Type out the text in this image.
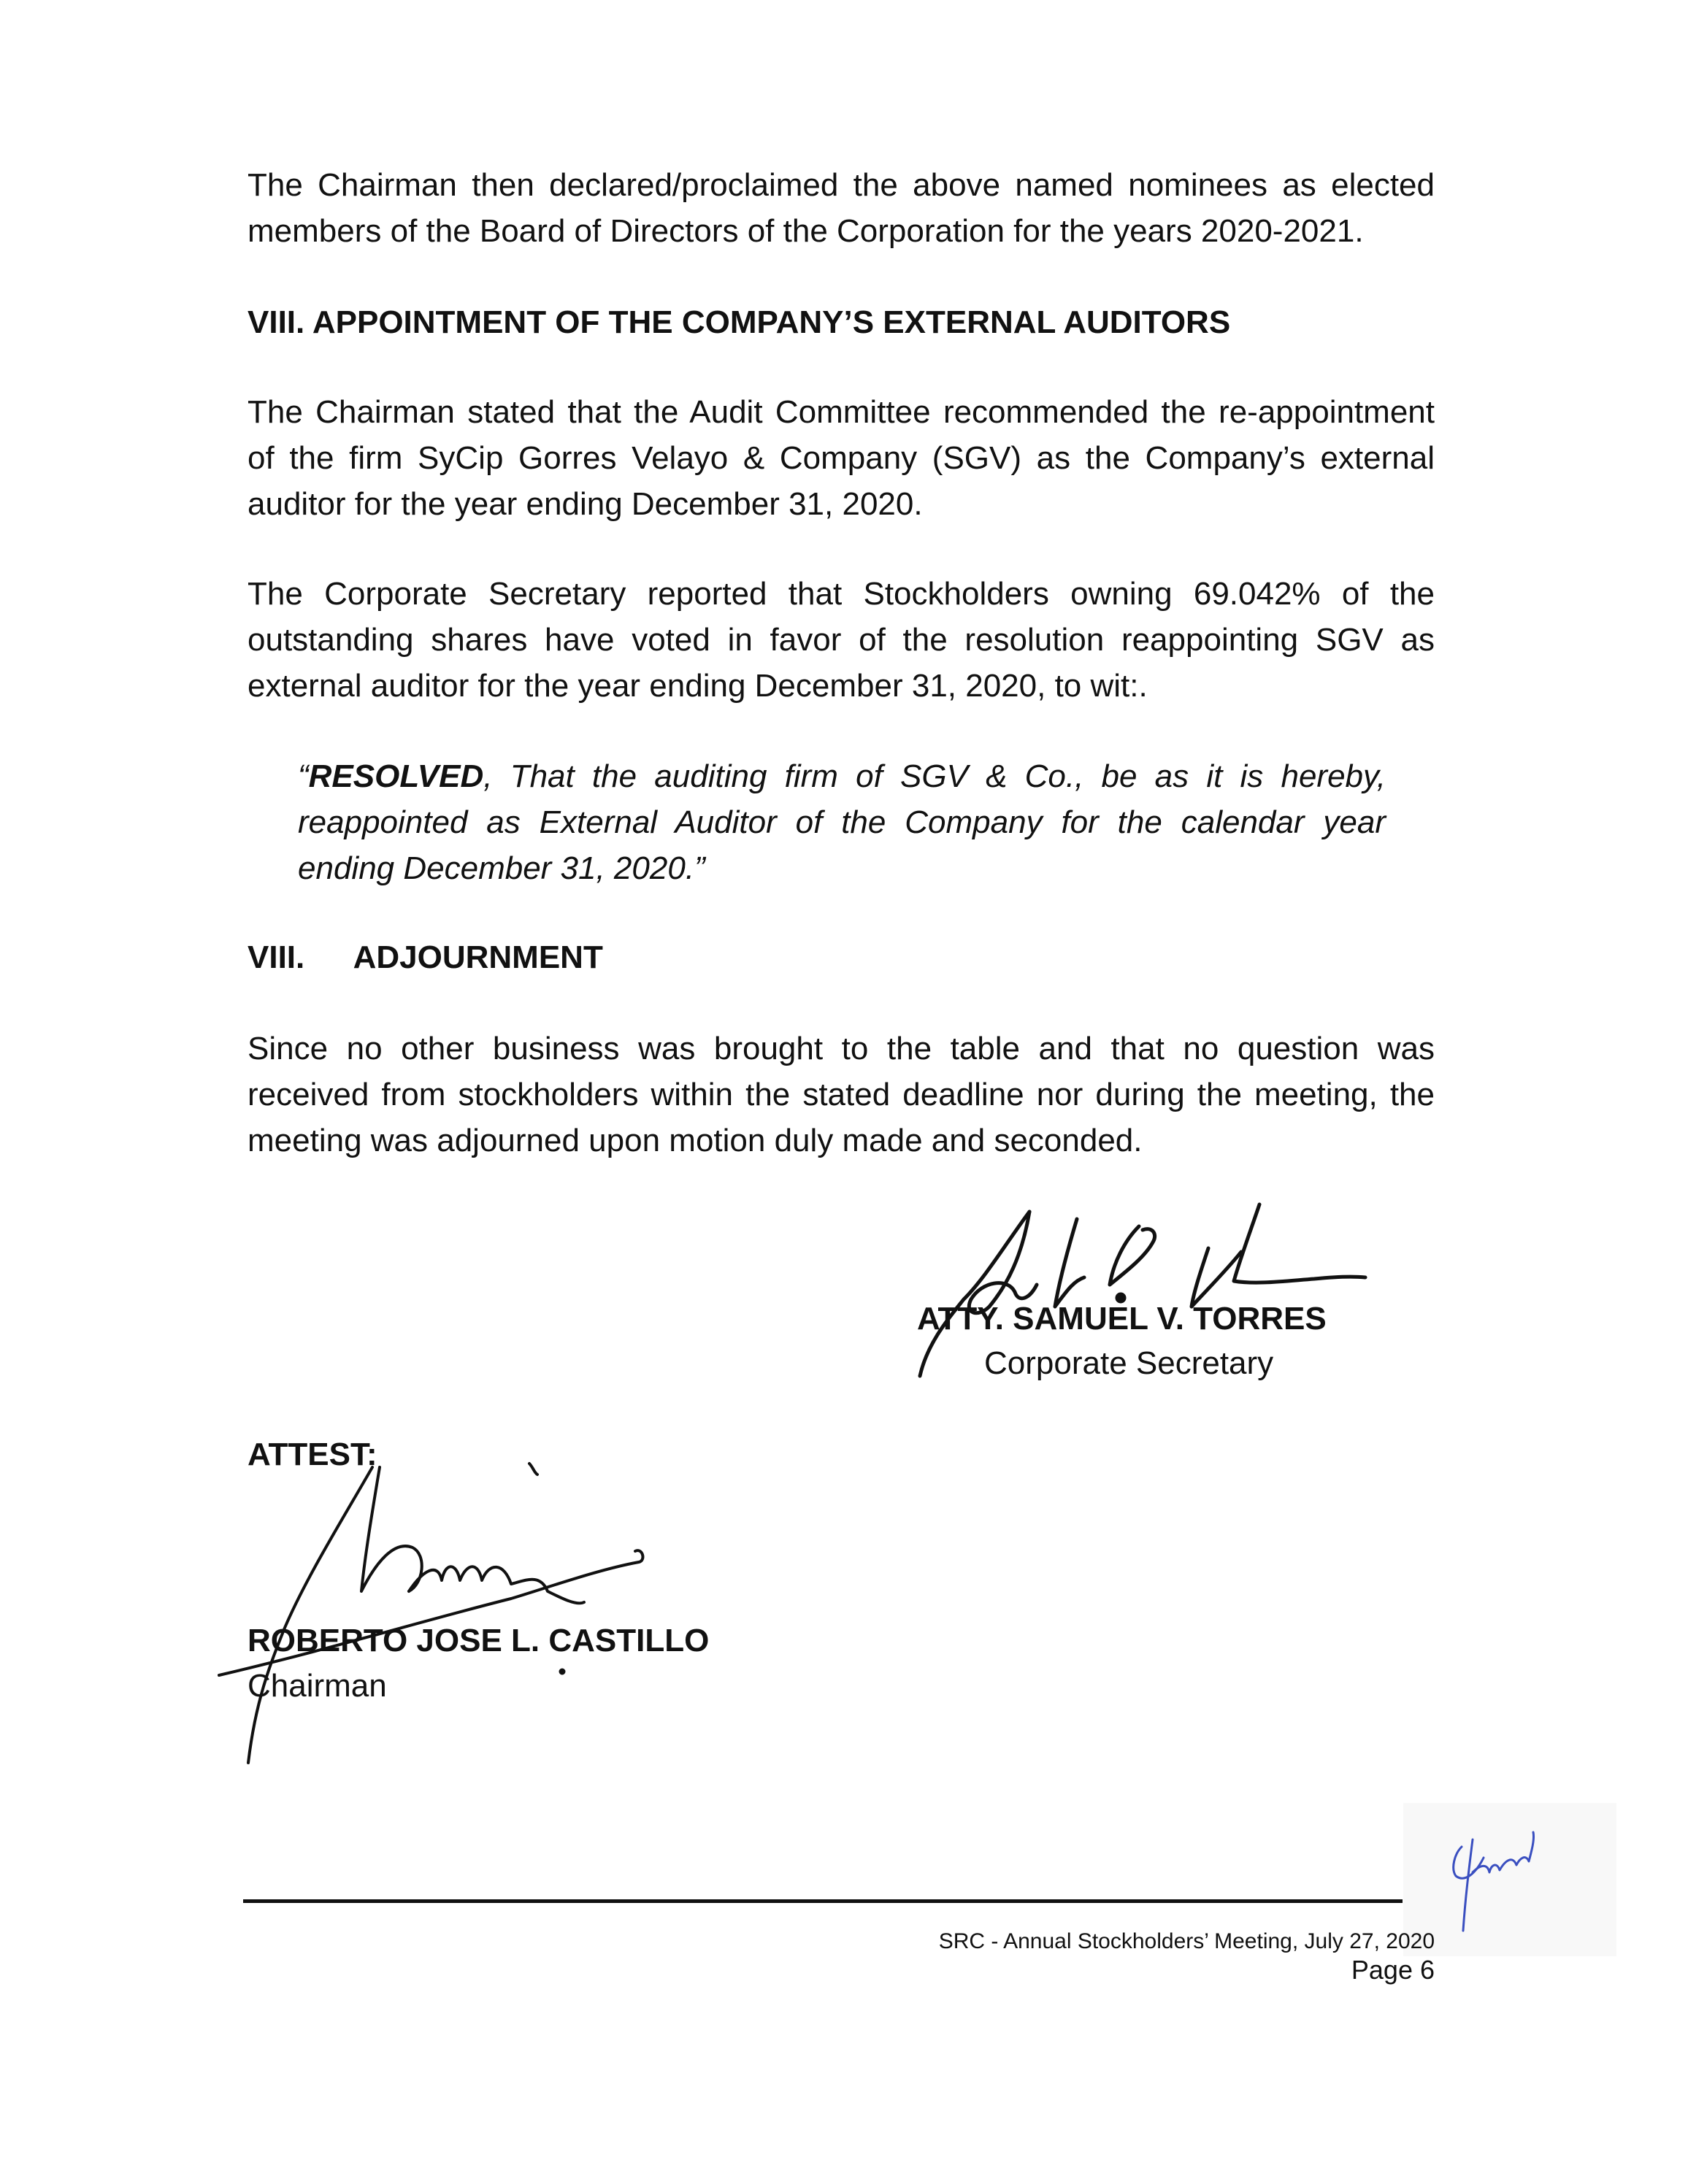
The Chairman then declared/proclaimed the above named nominees as elected members of the Board of Directors of the Corporation for the years 2020-2021.

VIII. APPOINTMENT OF THE COMPANY’S EXTERNAL AUDITORS

The Chairman stated that the Audit Committee recommended the re-appointment of the firm SyCip Gorres Velayo & Company (SGV) as the Company’s external auditor for the year ending December 31, 2020.

The Corporate Secretary reported that Stockholders owning 69.042% of the outstanding shares have voted in favor of the resolution reappointing SGV as external auditor for the year ending December 31, 2020, to wit:.

“RESOLVED, That the auditing firm of SGV & Co., be as it is hereby, reappointed as External Auditor of the Company for the calendar year ending December 31, 2020.”

VIII. ADJOURNMENT

Since no other business was brought to the table and that no question was received from stockholders within the stated deadline nor during the meeting, the meeting was adjourned upon motion duly made and seconded.

ATTY. SAMUEL V. TORRES
Corporate Secretary
ATTEST:
ROBERTO JOSE L. CASTILLO
Chairman
SRC - Annual Stockholders’ Meeting, July 27, 2020
Page 6
